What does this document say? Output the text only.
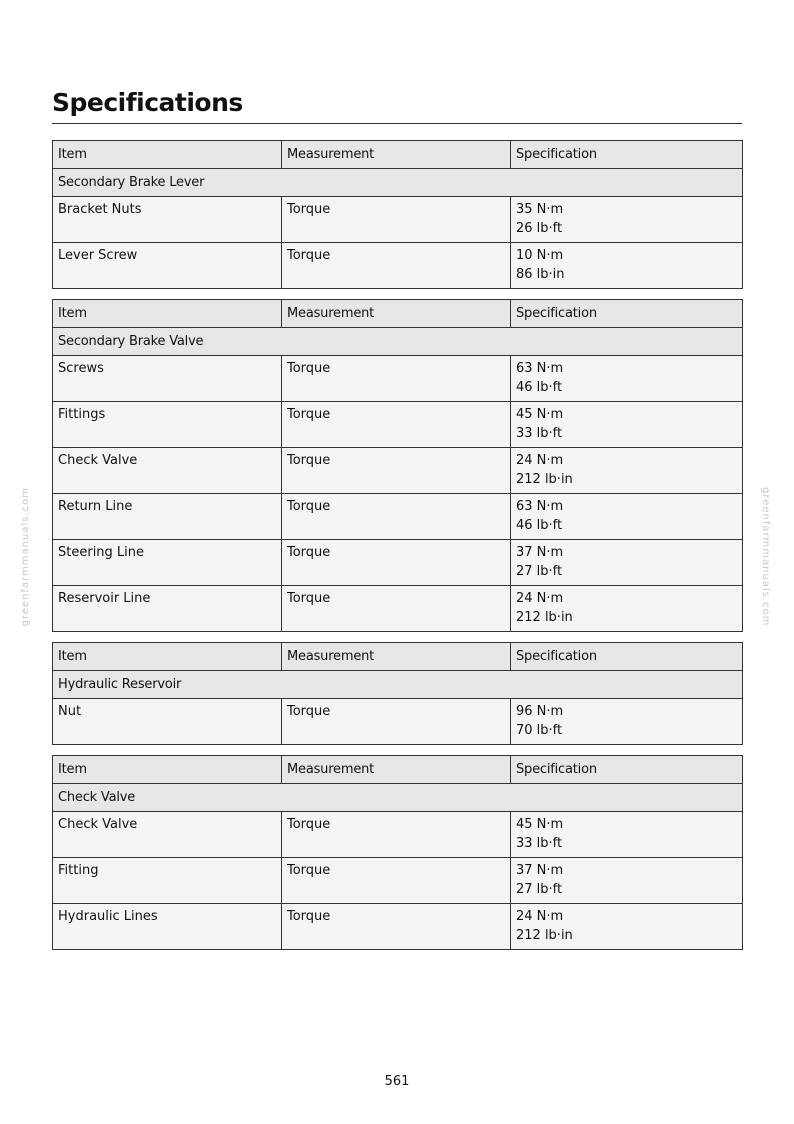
Specifications
greenfarmmanuals.com	greenfarmmanuals.com
Item	Measurement	Specification
Secondary Brake Lever		
Bracket Nuts	Torque	35 N·m
26 lb·ft

Lever Screw	Torque	10 N·m
86 lb·in
Item	Measurement	Specification
Secondary Brake Valve		
Screws	Torque	63 N·m
46 lb·ft

Fittings	Torque	45 N·m
33 lb·ft

Check Valve	Torque	24 N·m
212 lb·in

Return Line	Torque	63 N·m
46 lb·ft

Steering Line	Torque	37 N·m
27 lb·ft

Reservoir Line	Torque	24 N·m
212 lb·in
Item	Measurement	Specification
Hydraulic Reservoir		
Nut	Torque	96 N·m
70 lb·ft
Item	Measurement	Specification
Check Valve		
Check Valve	Torque	45 N·m
33 lb·ft

Fitting	Torque	37 N·m
27 lb·ft

Hydraulic Lines	Torque	24 N·m
212 lb·in
561
